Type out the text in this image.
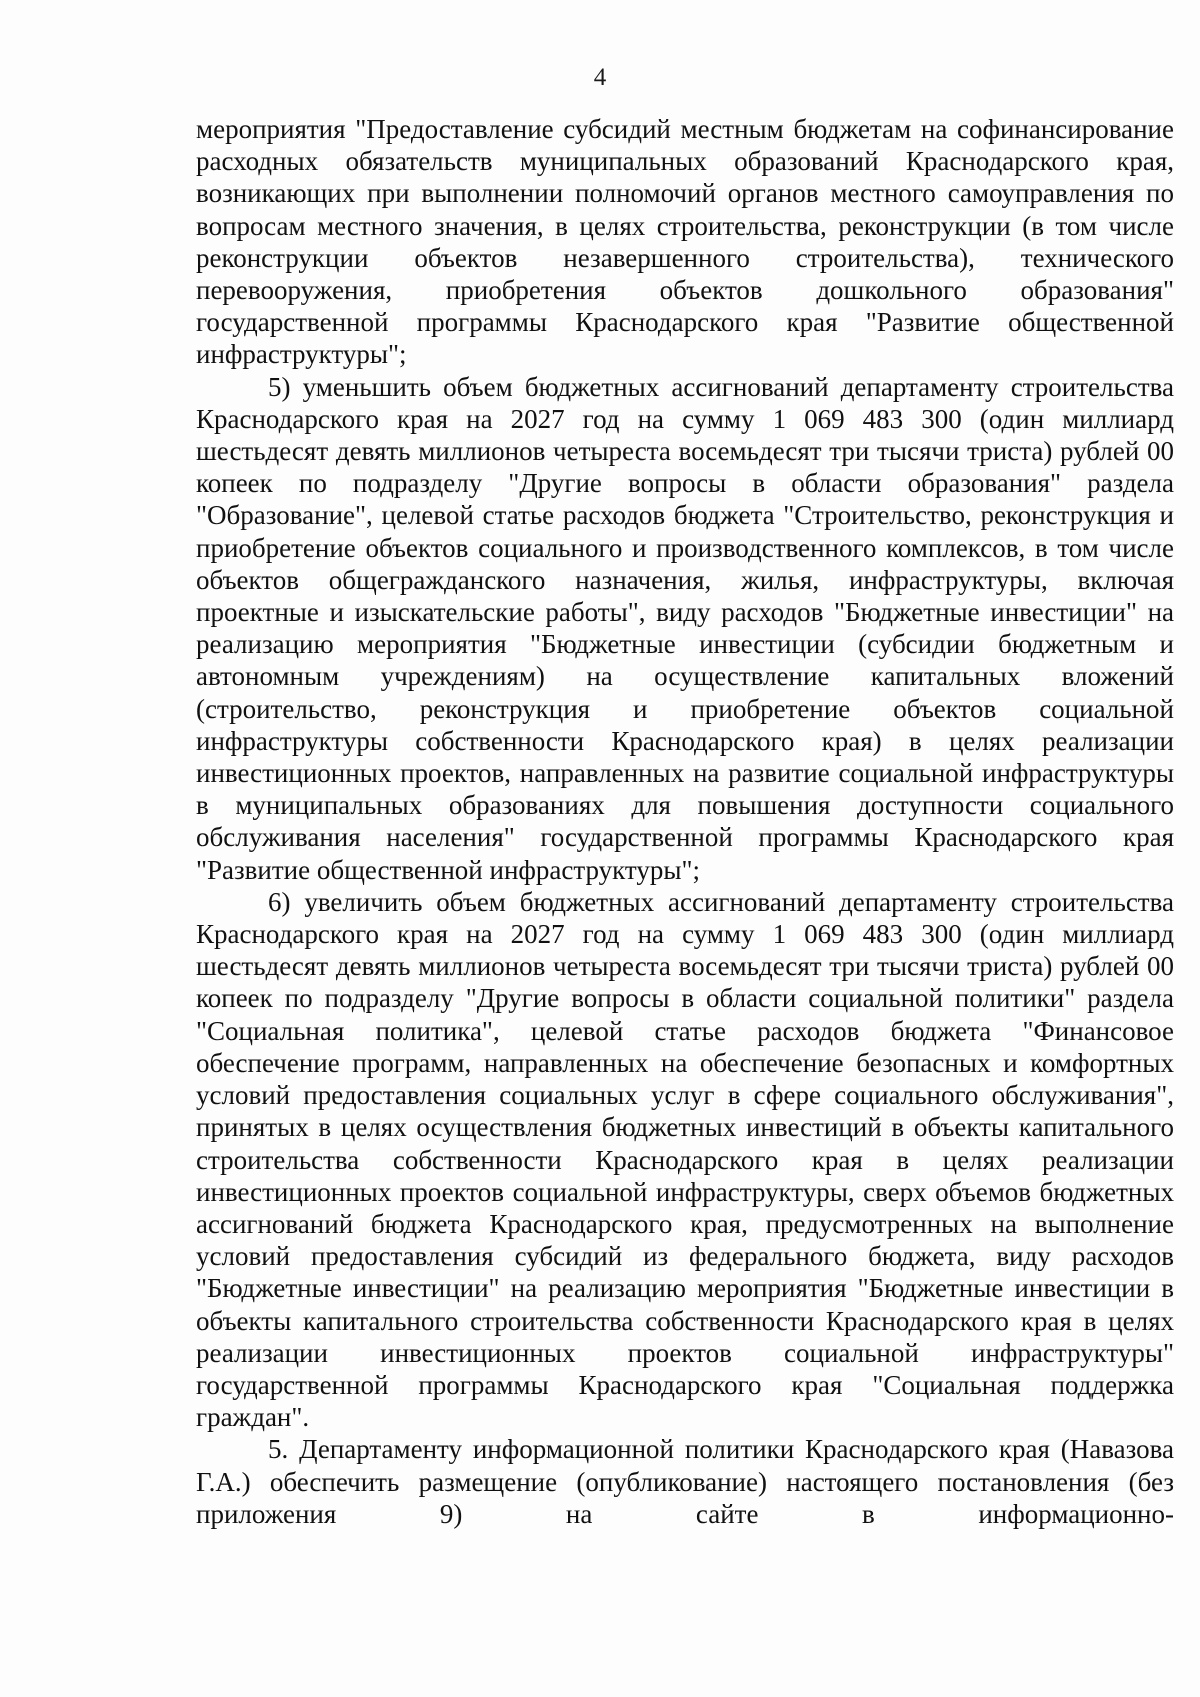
4

мероприятия "Предоставление субсидий местным бюджетам на софинансирование расходных обязательств муниципальных образований Краснодарского края, возникающих при выполнении полномочий органов местного самоуправления по вопросам местного значения, в целях строительства, реконструкции (в том числе реконструкции объектов незавершенного строительства), технического перевооружения, приобретения объектов дошкольного образования" государственной программы Краснодарского края "Развитие общественной инфраструктуры";

5) уменьшить объем бюджетных ассигнований департаменту строительства Краснодарского края на 2027 год на сумму 1 069 483 300 (один миллиард шестьдесят девять миллионов четыреста восемьдесят три тысячи триста) рублей 00 копеек по подразделу "Другие вопросы в области образования" раздела "Образование", целевой статье расходов бюджета "Строительство, реконструкция и приобретение объектов социального и производственного комплексов, в том числе объектов общегражданского назначения, жилья, инфраструктуры, включая проектные и изыскательские работы", виду расходов "Бюджетные инвестиции" на реализацию мероприятия "Бюджетные инвестиции (субсидии бюджетным и автономным учреждениям) на осуществление капитальных вложений (строительство, реконструкция и приобретение объектов социальной инфраструктуры собственности Краснодарского края) в целях реализации инвестиционных проектов, направленных на развитие социальной инфраструктуры в муниципальных образованиях для повышения доступности социального обслуживания населения" государственной программы Краснодарского края "Развитие общественной инфраструктуры";

6) увеличить объем бюджетных ассигнований департаменту строительства Краснодарского края на 2027 год на сумму 1 069 483 300 (один миллиард шестьдесят девять миллионов четыреста восемьдесят три тысячи триста) рублей 00 копеек по подразделу "Другие вопросы в области социальной политики" раздела "Социальная политика", целевой статье расходов бюджета "Финансовое обеспечение программ, направленных на обеспечение безопасных и комфортных условий предоставления социальных услуг в сфере социального обслуживания", принятых в целях осуществления бюджетных инвестиций в объекты капитального строительства собственности Краснодарского края в целях реализации инвестиционных проектов социальной инфраструктуры, сверх объемов бюджетных ассигнований бюджета Краснодарского края, предусмотренных на выполнение условий предоставления субсидий из федерального бюджета, виду расходов "Бюджетные инвестиции" на реализацию мероприятия "Бюджетные инвестиции в объекты капитального строительства собственности Краснодарского края в целях реализации инвестиционных проектов социальной инфраструктуры" государственной программы Краснодарского края "Социальная поддержка граждан".

5. Департаменту информационной политики Краснодарского края (Навазова Г.А.) обеспечить размещение (опубликование) настоящего постановления (без приложения 9) на сайте в информационно-
